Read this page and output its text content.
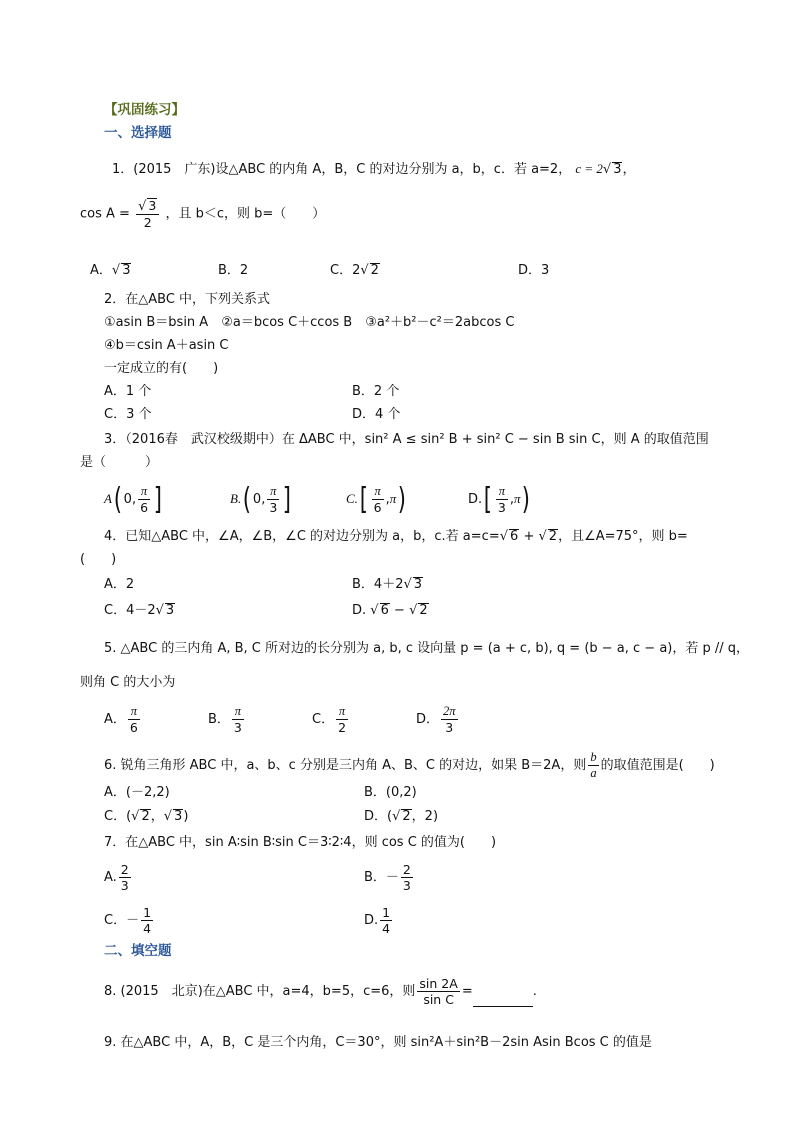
【巩固练习】
一、选择题
1．(2015　广东)设△ABC 的内角 A，B，C 的对边分别为 a，b，c．若 a=2， c = 2√ 3，
$\cos A = \frac{√ 3}{2}$ ，且 b＜c，则 b=（　　）
A．√ 3	B．2	C．2√ 2	D．3
2．在△ABC 中，下列关系式
①asin B＝bsin A　②a＝bcos C＋ccos B　③a²＋b²－c²＝2abcos C
④b＝csin A＋asin C
一定成立的有(　　)
A．1 个	B．2 个
C．3 个	D．4 个
3．（2016春　武汉校级期中）在 ΔABC 中，sin² A ≤ sin² B + sin² C − sin B sin C，则 A 的取值范围
是（　　　）
A( 0, $\frac{\pi}{6}$ ]	B.( 0, $\frac{\pi}{3}$ ]	$C.[ \frac{\pi}{6} ,\pi)$	$D.[ \frac{\pi}{3} ,\pi)$
4．已知△ABC 中，∠A，∠B，∠C 的对边分别为 a，b，c.若 a=c=√ 6 + √ 2，且∠A=75°，则 b=
(　　)
A．2	B．4＋2√ 3
C．4－2√ 3	D. √ 6 − √ 2
5. △ABC 的三内角 A, B, C 所对边的长分别为 a, b, c 设向量 p = (a + c, b), q = (b − a, c − a)，若 p // q，
则角 C 的大小为
A． $\frac{\pi}{6}$	B． $\frac{\pi}{3}$	C． $\frac{\pi}{2}$	D． $\frac{2\pi}{3}$
6. 锐角三角形 ABC 中，a、b、c 分别是三内角 A、B、C 的对边，如果 B＝2A，则 $\frac{b}{a}$ 的取值范围是(　　)
A．(－2,2)	B．(0,2)
C．(√ 2，√ 3)	D．(√ 2，2)
7．在△ABC 中，sin A∶sin B∶sin C＝3∶2∶4，则 cos C 的值为(　　)
A. $\frac{2}{3}$	B．－ $\frac{2}{3}$
C．－ $\frac{1}{4}$	D. $\frac{1}{4}$
二、填空题
8. (2015　北京)在△ABC 中，a=4，b=5，c=6，则 $\frac{\sin 2A}{\text{sin C}}$ =	.
9. 在△ABC 中，A，B，C 是三个内角，C＝30°，则 sin²A＋sin²B－2sin Asin Bcos C 的值是
